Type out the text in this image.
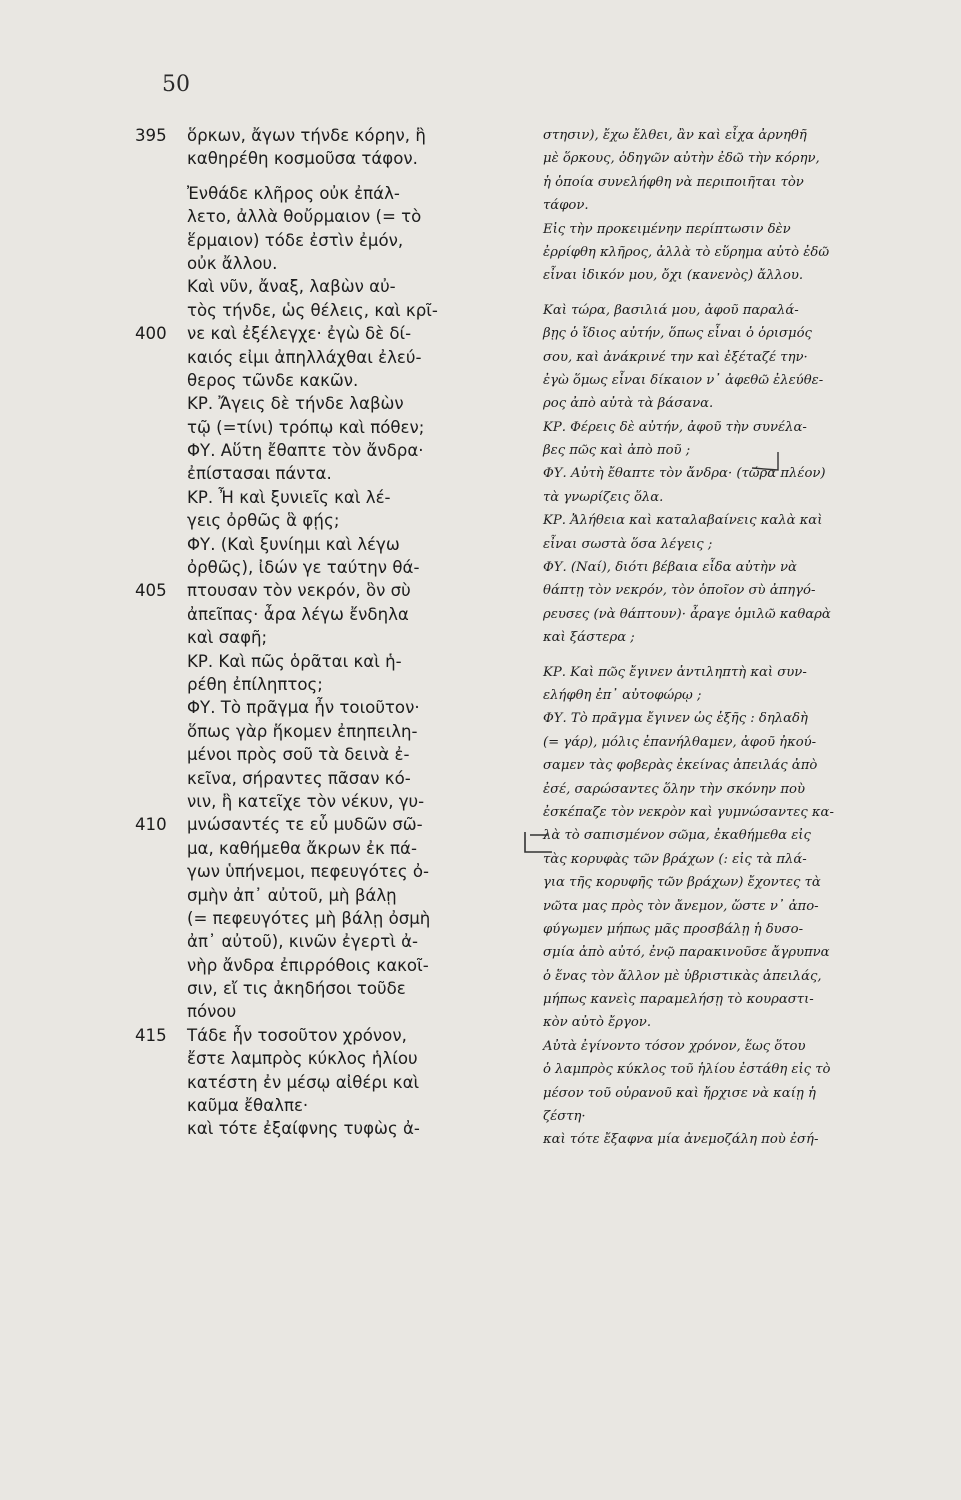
50
395	ὅρκων, ἄγων τήνδε κόρην, ἣ
καθηρέθη κοσμοῦσα τάφον.
Ἐνθάδε κλῆρος οὐκ ἐπάλ-
λετο, ἀλλὰ θοὔρμαιον (= τὸ
ἕρμαιον) τόδε ἐστὶν ἐμόν,
οὐκ ἄλλου.
Καὶ νῦν, ἄναξ, λαβὼν αὐ-
τὸς τήνδε, ὡς θέλεις, καὶ κρῖ-
400	νε καὶ ἐξέλεγχε· ἐγὼ δὲ δί-
καιός εἰμι ἀπηλλάχθαι ἐλεύ-
θερος τῶνδε κακῶν.
ΚΡ. Ἄγεις δὲ τήνδε λαβὼν
τῷ (=τίνι) τρόπῳ καὶ πόθεν;
ΦΥ. Αὕτη ἔθαπτε τὸν ἄνδρα·
ἐπίστασαι πάντα.
ΚΡ. Ἦ καὶ ξυνιεῖς καὶ λέ-
γεις ὀρθῶς ἃ φῄς;
ΦΥ. (Καὶ ξυνίημι καὶ λέγω
ὀρθῶς), ἰδών γε ταύτην θά-
405	πτουσαν τὸν νεκρόν, ὃν σὺ
ἀπεῖπας· ἆρα λέγω ἔνδηλα
καὶ σαφῆ;
ΚΡ. Καὶ πῶς ὁρᾶται καὶ ἡ-
ρέθη ἐπίληπτος;
ΦΥ. Τὸ πρᾶγμα ἦν τοιοῦτον·
ὅπως γὰρ ἥκομεν ἐπηπειλη-
μένοι πρὸς σοῦ τὰ δεινὰ ἐ-
κεῖνα, σήραντες πᾶσαν κό-
νιν, ἣ κατεῖχε τὸν νέκυν, γυ-
410	μνώσαντές τε εὖ μυδῶν σῶ-
μα, καθήμεθα ἄκρων ἐκ πά-
γων ὑπήνεμοι, πεφευγότες ὀ-
σμὴν ἀπ᾽ αὐτοῦ, μὴ βάλῃ
(= πεφευγότες μὴ βάλῃ ὀσμὴ
ἀπ᾽ αὐτοῦ), κινῶν ἐγερτὶ ἀ-
νὴρ ἄνδρα ἐπιρρόθοις κακοῖ-
σιν, εἴ τις ἀκηδήσοι τοῦδε
πόνου
415	Τάδε ἦν τοσοῦτον χρόνον,
ἔστε λαμπρὸς κύκλος ἡλίου
κατέστη ἐν μέσῳ αἰθέρι καὶ
καῦμα ἔθαλπε·
καὶ τότε ἐξαίφνης τυφὼς ἀ-
στησιν), ἔχω ἔλθει, ἂν καὶ εἶχα ἀρνηθῆ
μὲ ὅρκους, ὁδηγῶν αὐτὴν ἐδῶ τὴν κόρην,
ἡ ὁποία συνελήφθη νὰ περιποιῆται τὸν
τάφον.
Εἰς τὴν προκειμένην περίπτωσιν δὲν
ἐρρίφθη κλῆρος, ἀλλὰ τὸ εὕρημα αὐτὸ ἐδῶ
εἶναι ἰδικόν μου, ὄχι (κανενὸς) ἄλλου.
Καὶ τώρα, βασιλιά μου, ἀφοῦ παραλά-
βῃς ὁ ἴδιος αὐτήν, ὅπως εἶναι ὁ ὁρισμός
σου, καὶ ἀνάκρινέ την καὶ ἐξέταζέ την·
ἐγὼ ὅμως εἶναι δίκαιον ν᾽ ἀφεθῶ ἐλεύθε-
ρος ἀπὸ αὐτὰ τὰ βάσανα.
ΚΡ. Φέρεις δὲ αὐτήν, ἀφοῦ τὴν συνέλα-
βες πῶς καὶ ἀπὸ ποῦ ;
ΦΥ. Αὐτὴ ἔθαπτε τὸν ἄνδρα· (τώρα πλέον)
τὰ γνωρίζεις ὅλα.
ΚΡ. Ἀλήθεια καὶ καταλαβαίνεις καλὰ καὶ
εἶναι σωστὰ ὅσα λέγεις ;
ΦΥ. (Ναί), διότι βέβαια εἶδα αὐτὴν νὰ
θάπτῃ τὸν νεκρόν, τὸν ὁποῖον σὺ ἀπηγό-
ρευσες (νὰ θάπτουν)· ἆραγε ὁμιλῶ καθαρὰ
καὶ ξάστερα ;
ΚΡ. Καὶ πῶς ἔγινεν ἀντιληπτὴ καὶ συν-
ελήφθη ἐπ᾽ αὐτοφώρῳ ;
ΦΥ. Τὸ πρᾶγμα ἔγινεν ὡς ἑξῆς : δηλαδὴ
(= γάρ), μόλις ἐπανήλθαμεν, ἀφοῦ ἠκού-
σαμεν τὰς φοβερὰς ἐκείνας ἀπειλάς ἀπὸ
ἐσέ, σαρώσαντες ὅλην τὴν σκόνην ποὺ
ἐσκέπαζε τὸν νεκρὸν καὶ γυμνώσαντες κα-
λὰ τὸ σαπισμένον σῶμα, ἐκαθήμεθα εἰς
τὰς κορυφὰς τῶν βράχων (: εἰς τὰ πλά-
για τῆς κορυφῆς τῶν βράχων) ἔχοντες τὰ
νῶτα μας πρὸς τὸν ἄνεμον, ὥστε ν᾽ ἀπο-
φύγωμεν μήπως μᾶς προσβάλῃ ἡ δυσο-
σμία ἀπὸ αὐτό, ἐνῷ παρακινοῦσε ἄγρυπνα
ὁ ἕνας τὸν ἄλλον μὲ ὑβριστικὰς ἀπειλάς,
μήπως κανεὶς παραμελήσῃ τὸ κουραστι-
κὸν αὐτὸ ἔργον.
Αὐτὰ ἐγίνοντο τόσον χρόνον, ἕως ὅτου
ὁ λαμπρὸς κύκλος τοῦ ἡλίου ἐστάθη εἰς τὸ
μέσον τοῦ οὐρανοῦ καὶ ἤρχισε νὰ καίῃ ἡ
ζέστη·
καὶ τότε ἔξαφνα μία ἀνεμοζάλη ποὺ ἐσή-
